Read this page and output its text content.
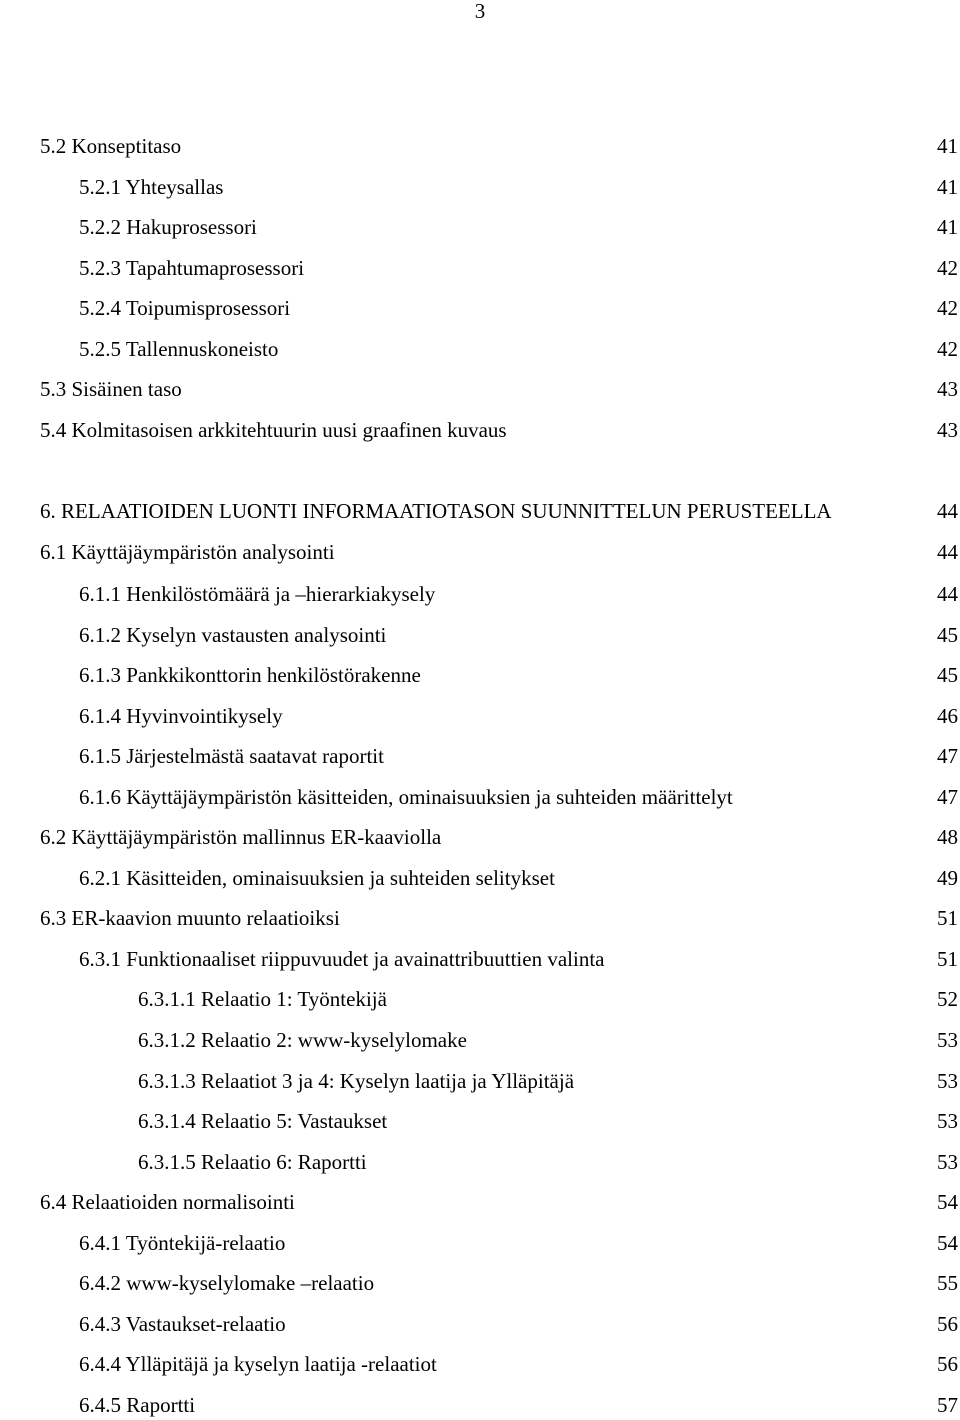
3
5.2 Konseptitaso	41
5.2.1 Yhteysallas	41
5.2.2 Hakuprosessori	41
5.2.3 Tapahtumaprosessori	42
5.2.4 Toipumisprosessori	42
5.2.5 Tallennuskoneisto	42
5.3 Sisäinen taso	43
5.4 Kolmitasoisen arkkitehtuurin uusi graafinen kuvaus	43
6. RELAATIOIDEN LUONTI INFORMAATIOTASON SUUNNITTELUN PERUSTEELLA	44
6.1 Käyttäjäympäristön analysointi	44
6.1.1 Henkilöstömäärä ja –hierarkiakysely	44
6.1.2 Kyselyn vastausten analysointi	45
6.1.3 Pankkikonttorin henkilöstörakenne	45
6.1.4 Hyvinvointikysely	46
6.1.5 Järjestelmästä saatavat raportit	47
6.1.6 Käyttäjäympäristön käsitteiden, ominaisuuksien ja suhteiden määrittelyt	47
6.2 Käyttäjäympäristön mallinnus ER-kaaviolla	48
6.2.1 Käsitteiden, ominaisuuksien ja suhteiden selitykset	49
6.3 ER-kaavion muunto relaatioiksi	51
6.3.1 Funktionaaliset riippuvuudet ja avainattribuuttien valinta	51
6.3.1.1 Relaatio 1: Työntekijä	52
6.3.1.2 Relaatio 2: www-kyselylomake	53
6.3.1.3 Relaatiot 3 ja 4: Kyselyn laatija ja Ylläpitäjä	53
6.3.1.4 Relaatio 5: Vastaukset	53
6.3.1.5 Relaatio 6: Raportti	53
6.4 Relaatioiden normalisointi	54
6.4.1 Työntekijä-relaatio	54
6.4.2 www-kyselylomake –relaatio	55
6.4.3 Vastaukset-relaatio	56
6.4.4 Ylläpitäjä ja kyselyn laatija -relaatiot	56
6.4.5 Raportti	57
